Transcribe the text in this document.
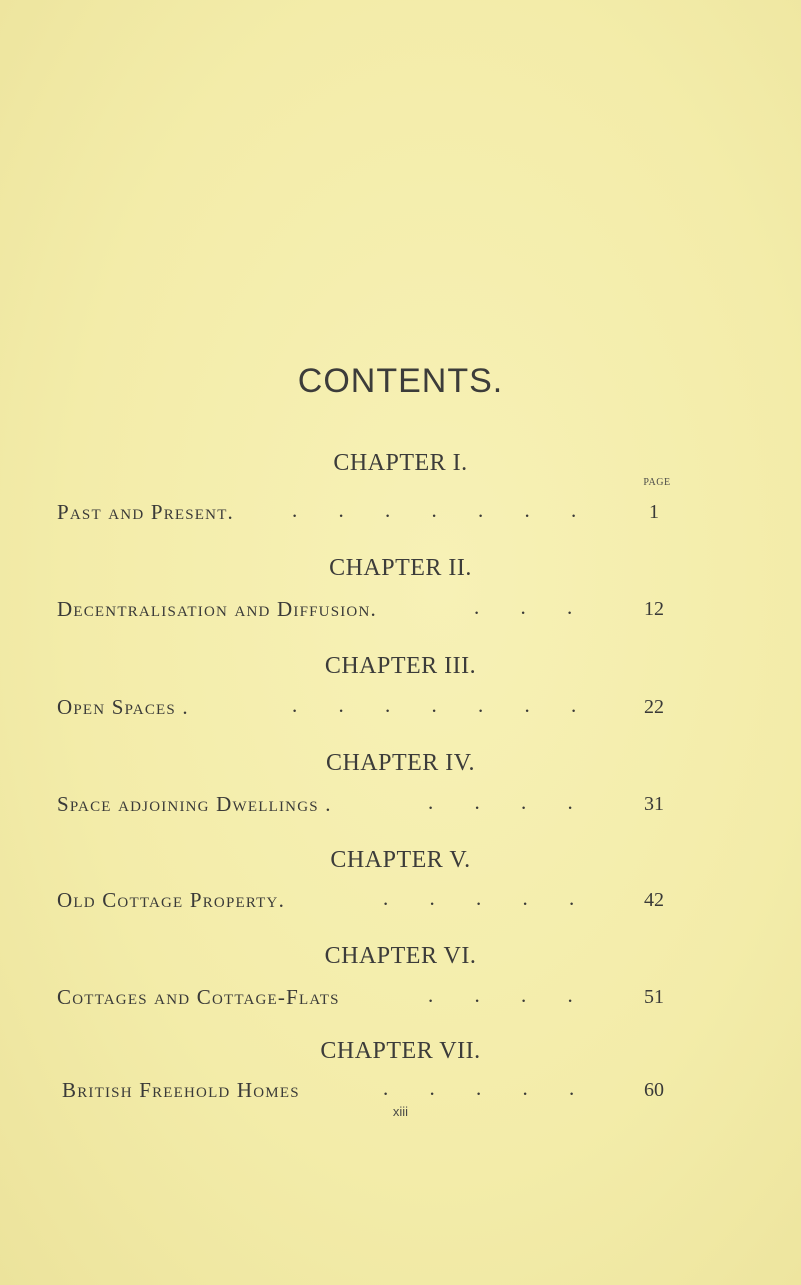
CONTENTS.
PAGE
CHAPTER I.
Past and Present.	. . . . . . .	1
CHAPTER II.
Decentralisation and Diffusion.	. . .	12
CHAPTER III.
Open Spaces .	. . . . . . .	22
CHAPTER IV.
Space adjoining Dwellings .	. . . .	31
CHAPTER V.
Old Cottage Property.	. . . . .	42
CHAPTER VI.
Cottages and Cottage-Flats	. . . .	51
CHAPTER VII.
British Freehold Homes	. . . . .	60
xiii
